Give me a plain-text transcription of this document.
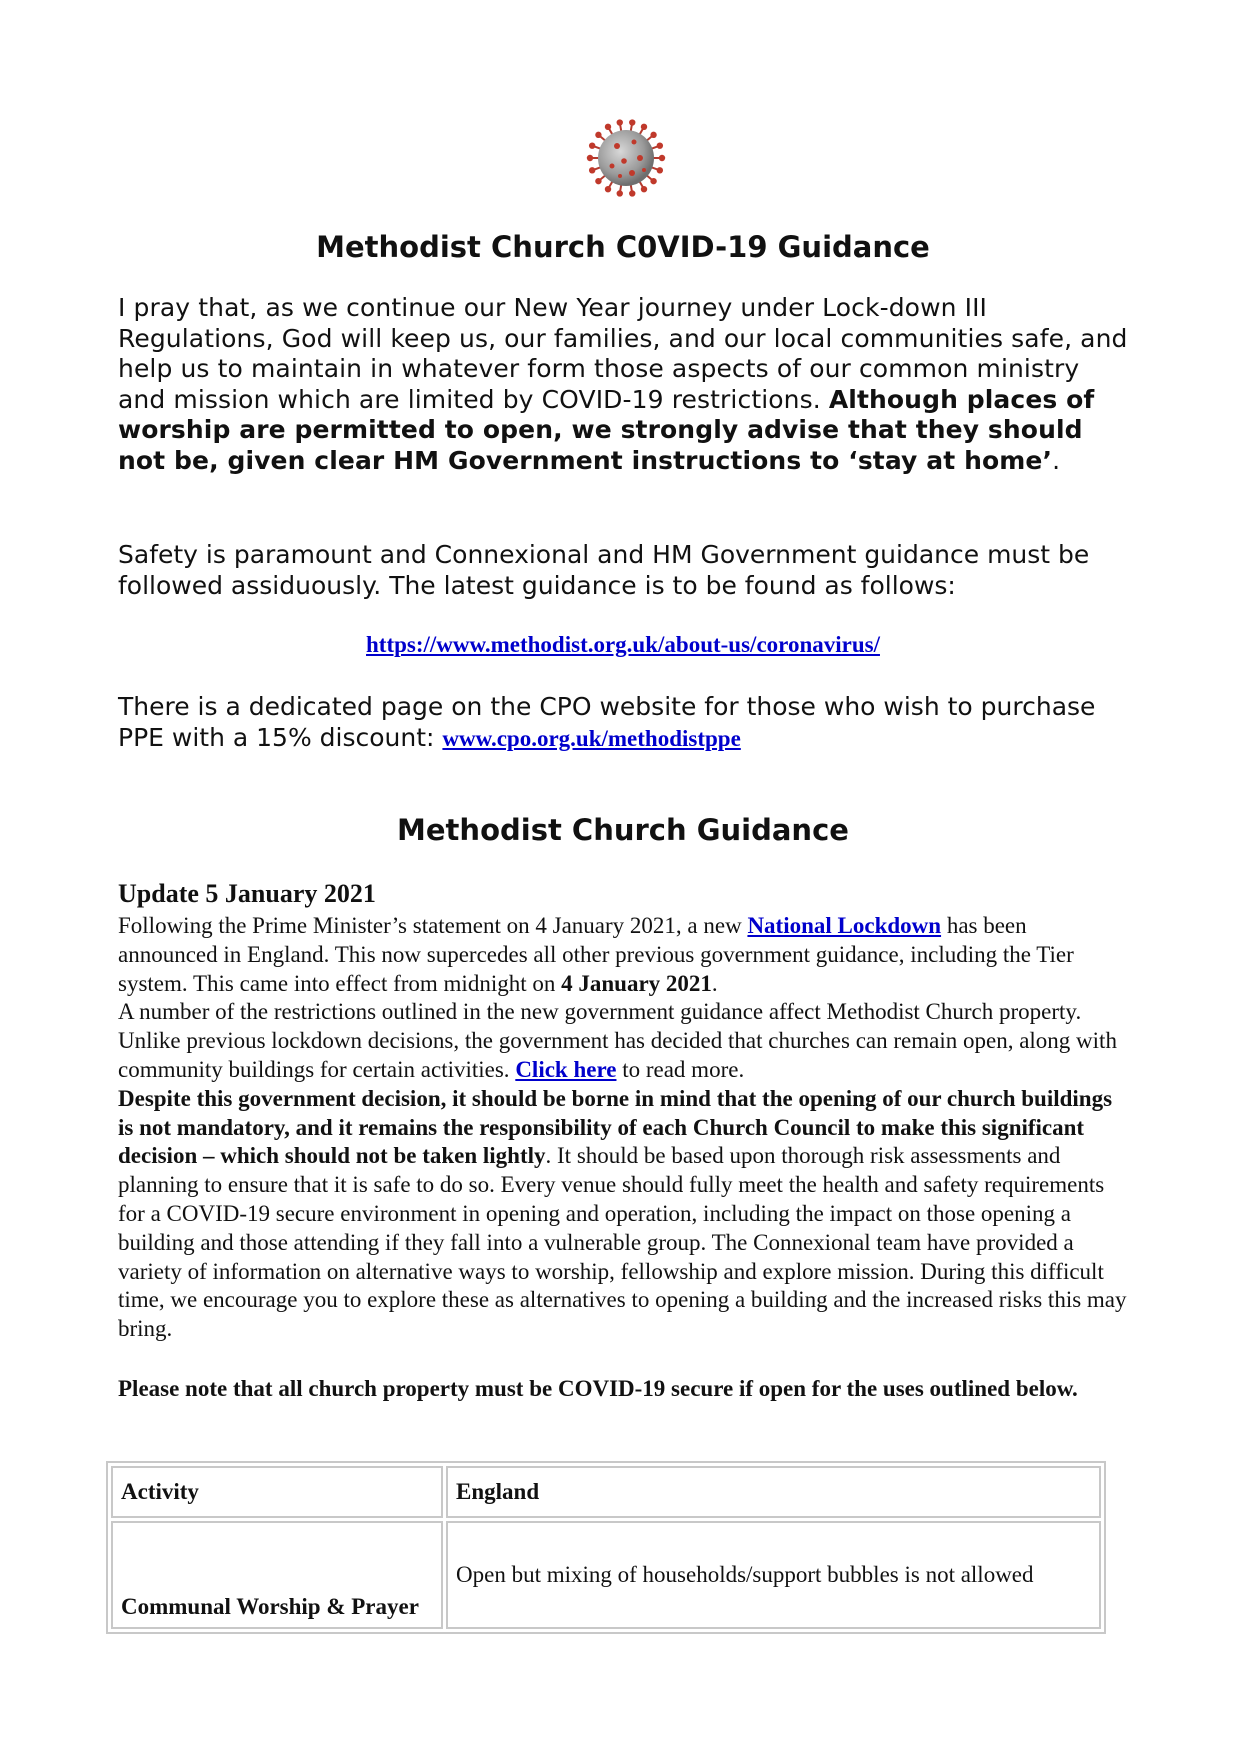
Methodist Church C0VID-19 Guidance

I pray that, as we continue our New Year journey under Lock-down III Regulations, God will keep us, our families, and our local communities safe, and help us to maintain in whatever form those aspects of our common ministry and mission which are limited by COVID-19 restrictions. Although places of worship are permitted to open, we strongly advise that they should not be, given clear HM Government instructions to ‘stay at home’.

Safety is paramount and Connexional and HM Government guidance must be followed assiduously. The latest guidance is to be found as follows:

https://www.methodist.org.uk/about-us/coronavirus/

There is a dedicated page on the CPO website for those who wish to purchase PPE with a 15% discount: www.cpo.org.uk/methodistppe

Methodist Church Guidance
Update 5 January 2021

Following the Prime Minister’s statement on 4 January 2021, a new National Lockdown has been announced in England. This now supercedes all other previous government guidance, including the Tier system. This came into effect from midnight on 4 January 2021.
A number of the restrictions outlined in the new government guidance affect Methodist Church property. Unlike previous lockdown decisions, the government has decided that churches can remain open, along with community buildings for certain activities. Click here to read more.
Despite this government decision, it should be borne in mind that the opening of our church buildings is not mandatory, and it remains the responsibility of each Church Council to make this significant decision – which should not be taken lightly. It should be based upon thorough risk assessments and planning to ensure that it is safe to do so. Every venue should fully meet the health and safety requirements for a COVID-19 secure environment in opening and operation, including the impact on those opening a building and those attending if they fall into a vulnerable group. The Connexional team have provided a variety of information on alternative ways to worship, fellowship and explore mission. During this difficult time, we encourage you to explore these as alternatives to opening a building and the increased risks this may bring.

Please note that all church property must be COVID-19 secure if open for the uses outlined below.

Activity	England
Communal Worship & Prayer	Open but mixing of households/support bubbles is not allowed
